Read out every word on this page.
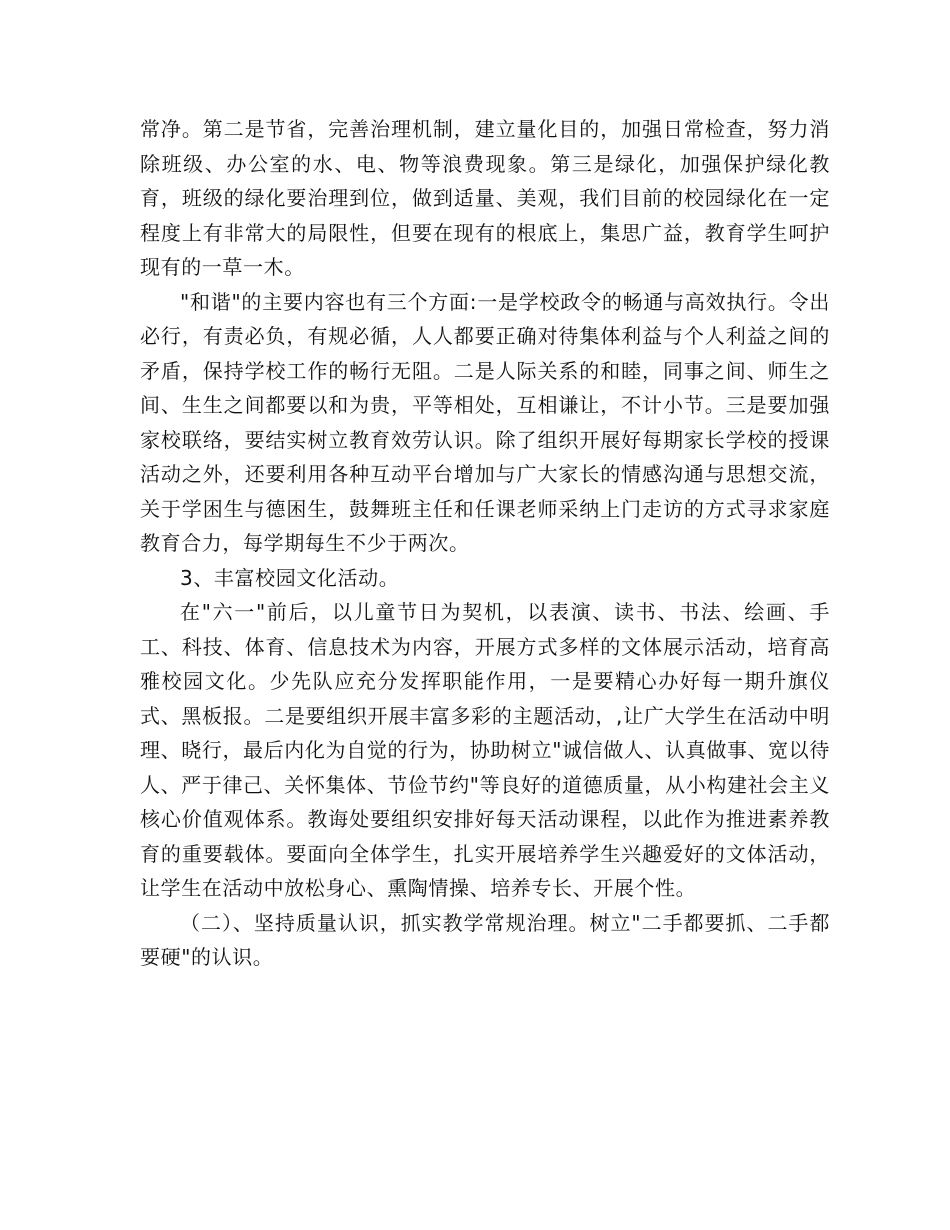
常净。第二是节省，完善治理机制，建立量化目的，加强日常检查，努力消除班级、办公室的水、电、物等浪费现象。第三是绿化，加强保护绿化教育，班级的绿化要治理到位，做到适量、美观，我们目前的校园绿化在一定程度上有非常大的局限性，但要在现有的根底上，集思广益，教育学生呵护现有的一草一木。

"和谐"的主要内容也有三个方面:一是学校政令的畅通与高效执行。令出必行，有责必负，有规必循，人人都要正确对待集体利益与个人利益之间的矛盾，保持学校工作的畅行无阻。二是人际关系的和睦，同事之间、师生之间、生生之间都要以和为贵，平等相处，互相谦让，不计小节。三是要加强家校联络，要结实树立教育效劳认识。除了组织开展好每期家长学校的授课活动之外，还要利用各种互动平台增加与广大家长的情感沟通与思想交流，关于学困生与德困生，鼓舞班主任和任课老师采纳上门走访的方式寻求家庭教育合力，每学期每生不少于两次。

3、丰富校园文化活动。

在"六一"前后，以儿童节日为契机，以表演、读书、书法、绘画、手工、科技、体育、信息技术为内容，开展方式多样的文体展示活动，培育高雅校园文化。少先队应充分发挥职能作用，一是要精心办好每一期升旗仪式、黑板报。二是要组织开展丰富多彩的主题活动，,让广大学生在活动中明理、晓行，最后内化为自觉的行为，协助树立"诚信做人、认真做事、宽以待人、严于律己、关怀集体、节俭节约"等良好的道德质量，从小构建社会主义核心价值观体系。教诲处要组织安排好每天活动课程，以此作为推进素养教育的重要载体。要面向全体学生，扎实开展培养学生兴趣爱好的文体活动，让学生在活动中放松身心、熏陶情操、培养专长、开展个性。

（二）、坚持质量认识，抓实教学常规治理。树立"二手都要抓、二手都要硬"的认识。
